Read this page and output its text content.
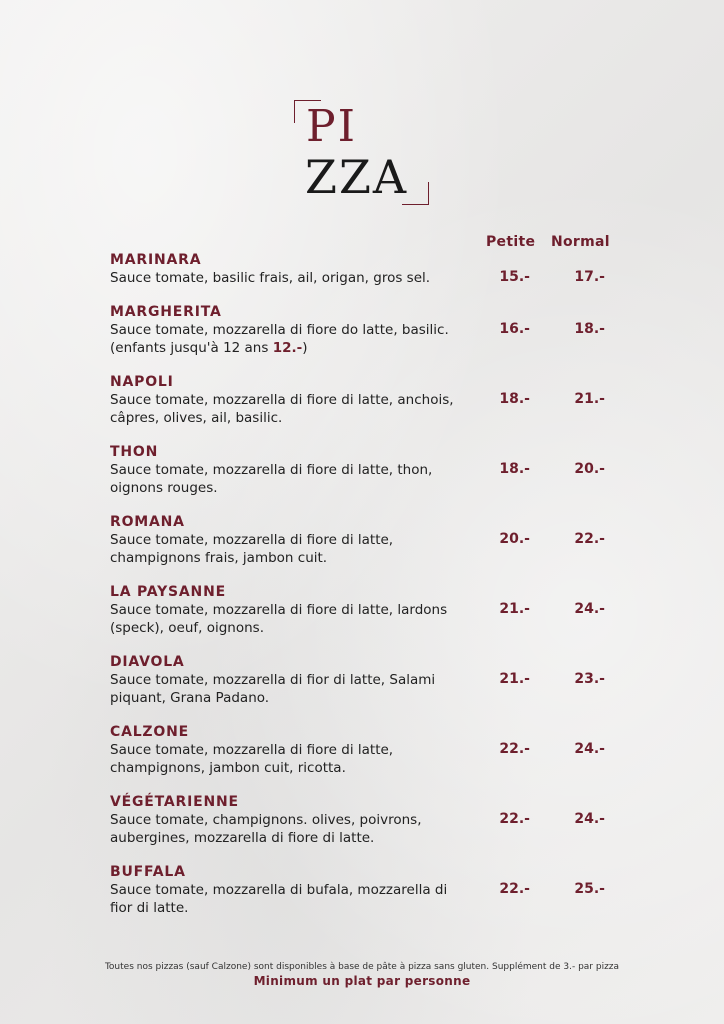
PI
ZZA
Petite Normal
MARINARA
Sauce tomate, basilic frais, ail, origan, gros sel.	15.-	17.-
MARGHERITA
Sauce tomate, mozzarella di fiore do latte, basilic. (enfants jusqu'à 12 ans 12.-)
16.-	18.-
NAPOLI
Sauce tomate, mozzarella di fiore di latte, anchois, câpres, olives, ail, basilic.
18.-	21.-
THON
Sauce tomate, mozzarella di fiore di latte, thon, oignons rouges.
18.-	20.-
ROMANA
Sauce tomate, mozzarella di fiore di latte, champignons frais, jambon cuit.
20.-	22.-
LA PAYSANNE
Sauce tomate, mozzarella di fiore di latte, lardons (speck), oeuf, oignons.
21.-	24.-
DIAVOLA
Sauce tomate, mozzarella di fior di latte, Salami piquant, Grana Padano.
21.-	23.-
CALZONE
Sauce tomate, mozzarella di fiore di latte, champignons, jambon cuit, ricotta.
22.-	24.-
VÉGÉTARIENNE
Sauce tomate, champignons. olives, poivrons, aubergines, mozzarella di fiore di latte.
22.-	24.-
BUFFALA
Sauce tomate, mozzarella di bufala, mozzarella di fior di latte.
22.-	25.-
Toutes nos pizzas (sauf Calzone) sont disponibles à base de pâte à pizza sans gluten. Supplément de 3.- par pizza
Minimum un plat par personne
